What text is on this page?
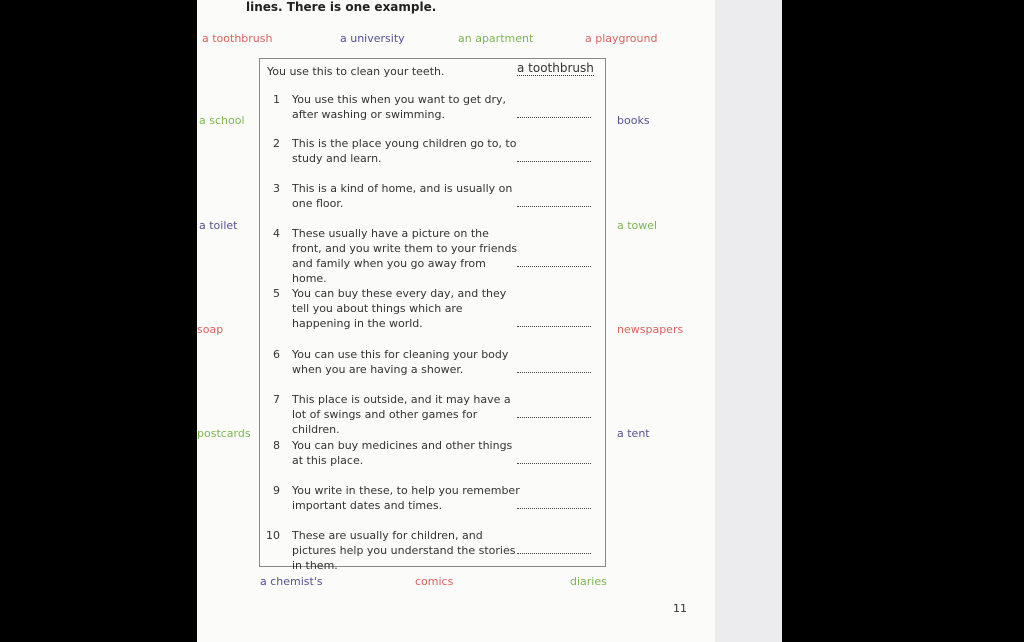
lines. There is one example.
a toothbrush	a university	an apartment	a playground
a school
a toilet
soap
postcards
books
a towel
newspapers
a tent
a chemist's	comics	diaries
You use this to clean your teeth.	a toothbrush
1 You use this when you want to get dry, after washing or swimming.
2 This is the place young children go to, to study and learn.
3 This is a kind of home, and is usually on one floor.
4 These usually have a picture on the front, and you write them to your friends and family when you go away from home.
5 You can buy these every day, and they tell you about things which are happening in the world.
6 You can use this for cleaning your body when you are having a shower.
7 This place is outside, and it may have a lot of swings and other games for children.
8 You can buy medicines and other things at this place.
9 You write in these, to help you remember important dates and times.
10 These are usually for children, and pictures help you understand the stories in them.
11
